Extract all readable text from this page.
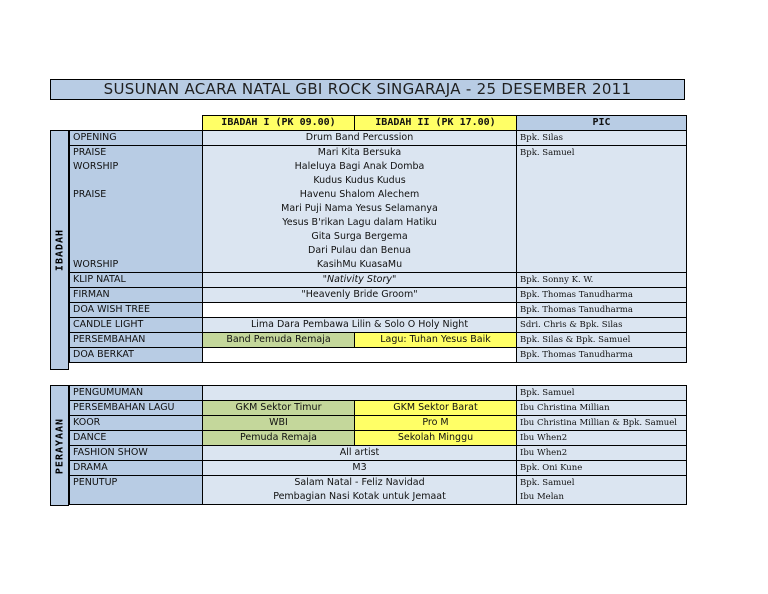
SUSUNAN ACARA NATAL GBI ROCK SINGARAJA - 25 DESEMBER 2011
IBADAH
	IBADAH I (PK 09.00)	IBADAH II (PK 17.00)	PIC
OPENING	Drum Band Percussion		Bpk. Silas
PRAISE	Mari Kita Bersuka		Bpk. Samuel
WORSHIP	Haleluya Bagi Anak Domba		
	Kudus Kudus Kudus		
PRAISE	Havenu Shalom Alechem		
	Mari Puji Nama Yesus Selamanya		
	Yesus B'rikan Lagu dalam Hatiku		
	Gita Surga Bergema		
	Dari Pulau dan Benua		
WORSHIP	KasihMu KuasaMu		
KLIP NATAL	"Nativity Story"		Bpk. Sonny K. W.
FIRMAN	"Heavenly Bride Groom"		Bpk. Thomas Tanudharma
DOA WISH TREE			Bpk. Thomas Tanudharma
CANDLE LIGHT	Lima Dara Pembawa Lilin & Solo O Holy Night		Sdri. Chris & Bpk. Silas
PERSEMBAHAN	Band Pemuda Remaja	Lagu: Tuhan Yesus Baik	Bpk. Silas & Bpk. Samuel
DOA BERKAT			Bpk. Thomas Tanudharma
PERAYAAN
PENGUMUMAN			Bpk. Samuel
PERSEMBAHAN LAGU	GKM Sektor Timur	GKM Sektor Barat	Ibu Christina Millian
KOOR	WBI	Pro M	Ibu Christina Millian & Bpk. Samuel
DANCE	Pemuda Remaja	Sekolah Minggu	Ibu When2
FASHION SHOW	All artist		Ibu When2
DRAMA	M3		Bpk. Oni Kune
PENUTUP	Salam Natal - Feliz Navidad		Bpk. Samuel
	Pembagian Nasi Kotak untuk Jemaat		Ibu Melan
